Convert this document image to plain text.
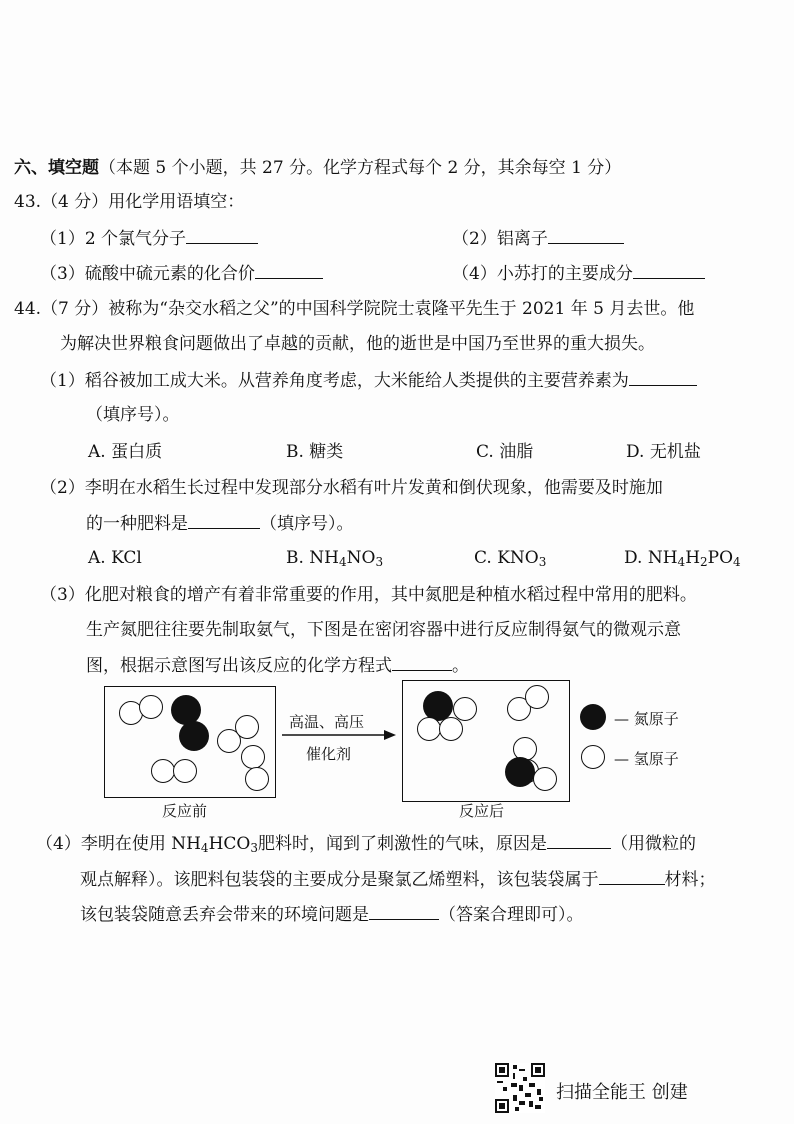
六、填空题（本题 5 个小题，共 27 分。化学方程式每个 2 分，其余每空 1 分）
43.（4 分）用化学用语填空：
（1）2 个氯气分子	（2）铝离子
（3）硫酸中硫元素的化合价	（4）小苏打的主要成分
44.（7 分）被称为“杂交水稻之父”的中国科学院院士袁隆平先生于 2021 年 5 月去世。他
为解决世界粮食问题做出了卓越的贡献，他的逝世是中国乃至世界的重大损失。
（1）稻谷被加工成大米。从营养角度考虑，大米能给人类提供的主要营养素为
（填序号）。
A. 蛋白质	B. 糖类	C. 油脂	D. 无机盐
（2）李明在水稻生长过程中发现部分水稻有叶片发黄和倒伏现象，他需要及时施加
的一种肥料是	（填序号）。
A. KCl	B. $NH_4NO_3$	C. $KNO_3$	D. $NH_4H_2PO_4$
（3）化肥对粮食的增产有着非常重要的作用，其中氮肥是种植水稻过程中常用的肥料。
生产氮肥往往要先制取氨气，下图是在密闭容器中进行反应制得氨气的微观示意
图，根据示意图写出该反应的化学方程式	。
反应前
高温、高压
催化剂
反应后
— 氮原子
— 氢原子
（4）李明在使用 $NH_4HCO_3$肥料时，闻到了刺激性的气味，原因是	（用微粒的
观点解释）。该肥料包装袋的主要成分是聚氯乙烯塑料，该包装袋属于	材料；
该包装袋随意丢弃会带来的环境问题是	（答案合理即可）。
扫描全能王 创建
